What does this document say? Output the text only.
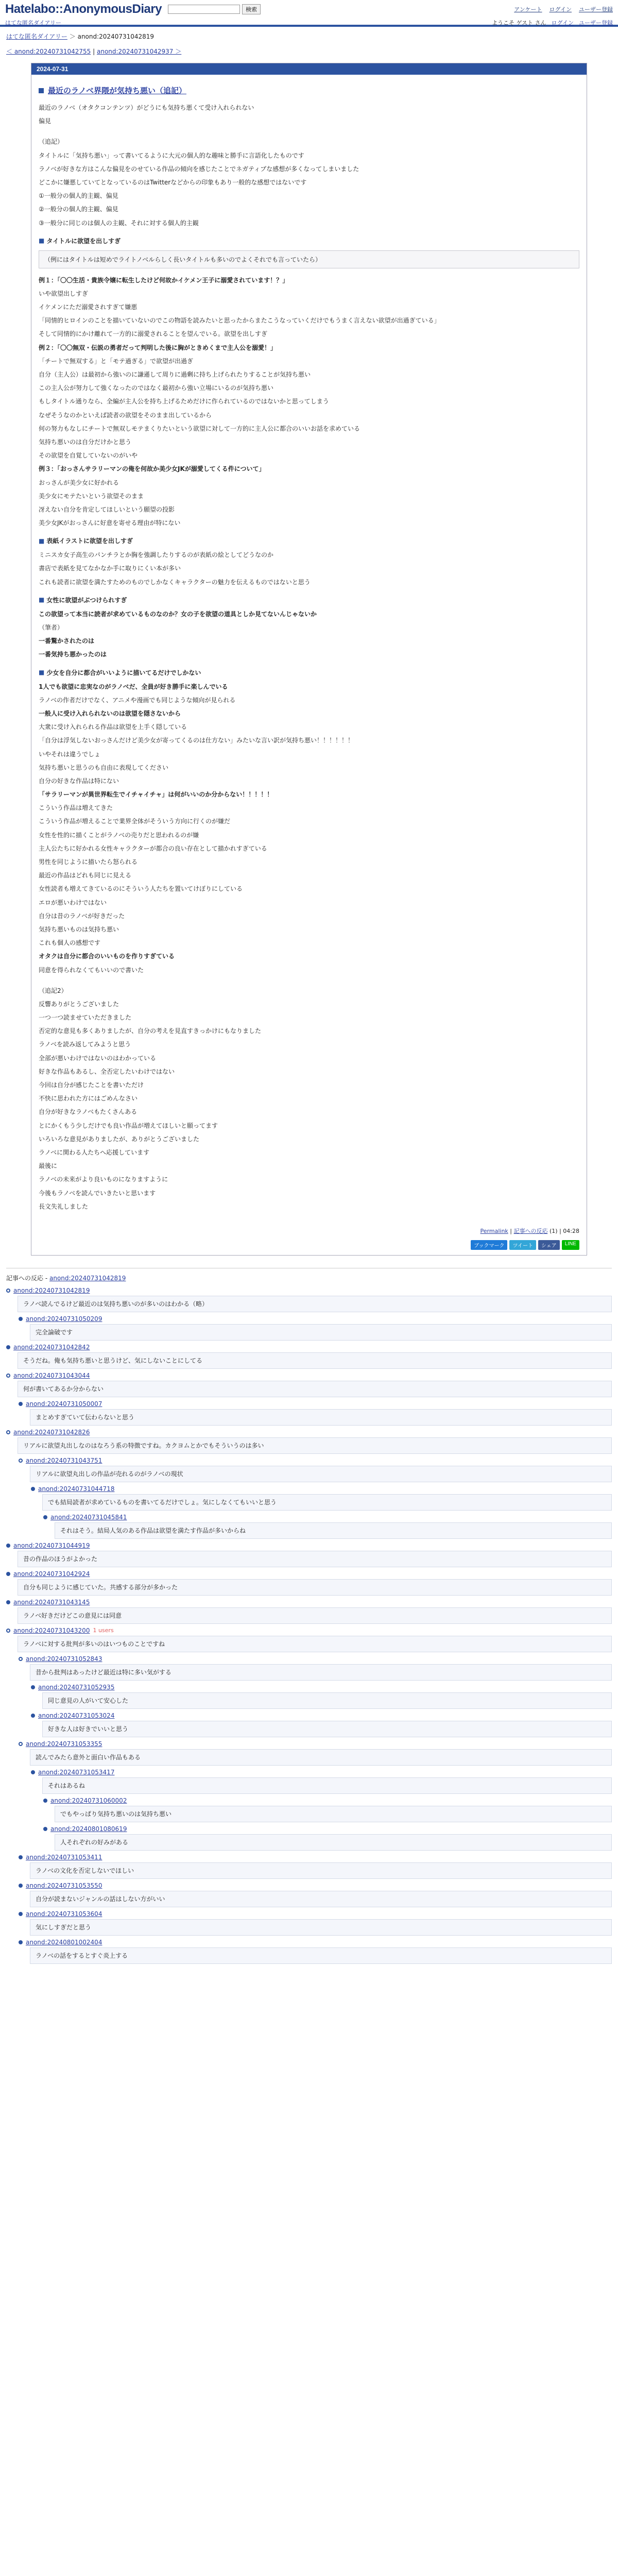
Hatelabo::AnonymousDiary	検索	アンケート ログイン ユーザー登録
はてな匿名ダイアリー	ようこそ ゲスト さん ログイン ユーザー登録
はてな匿名ダイアリー ＞ anond:20240731042819
＜ anond:20240731042755 | anond:20240731042937 ＞
2024-07-31
最近のラノベ界隈が気持ち悪い（追記）

最近のラノベ（オタクコンテンツ）がどうにも気持ち悪くて受け入れられない

偏見

（追記）

タイトルに「気持ち悪い」って書いてるように大元の個人的な趣味と勝手に言語化したものです

ラノベが好きな方はこんな偏見をのせている作品の傾向を感じたことでネガティブな感想が多くなってしまいました

どこかに嫌悪していてとなっているのはTwitterなどからの印象もあり一般的な感想ではないです

①一般分の個人的主観、偏見

②一般分の個人的主観、偏見

③一般分に同じのは個人の主観、それに対する個人的主観

■ タイトルに欲望を出しすぎ
（例にはタイトルは短めでライトノベルらしく長いタイトルも多いのでよくそれでも言っていたら）

例１：「〇〇生活・貴族令嬢に転生したけど何故かイケメン王子に溺愛されています！？」

いや欲望出しすぎ

イケメンにただ溺愛されすぎて嫌悪

「同情的ヒロインのことを描いていないのでこの物語を読みたいと思ったからまたこうなっていくだけでもうまく言えない欲望が出過ぎている」

そして同情的にかけ離れて一方的に溺愛されることを望んでいる。欲望を出しすぎ

例２：「〇〇無双・伝説の勇者だって判明した後に胸がときめくまで主人公を溺愛！」

「チートで無双する」と「モテ過ぎる」で欲望が出過ぎ

自分（主人公）は最初から強いのに謙遜して周りに過剰に持ち上げられたりすることが気持ち悪い

この主人公が努力して強くなったのではなく最初から強い立場にいるのが気持ち悪い

もしタイトル通りなら、全編が主人公を持ち上げるためだけに作られているのではないかと思ってしまう

なぜそうなのかといえば読者の欲望をそのまま出しているから

何の努力もなしにチートで無双しモテまくりたいという欲望に対して一方的に主人公に都合のいいお話を求めている

気持ち悪いのは自分だけかと思う

その欲望を自覚していないのがいや

例３：「おっさんサラリーマンの俺を何故か美少女JKが溺愛してくる件について」

おっさんが美少女に好かれる

美少女にモテたいという欲望そのまま

冴えない自分を肯定してほしいという願望の投影

美少女JKがおっさんに好意を寄せる理由が特にない

■ 表紙イラストに欲望を出しすぎ

ミニスカ女子高生のパンチラとか胸を強調したりするのが表紙の絵としてどうなのか

書店で表紙を見てなかなか手に取りにくい本が多い

これも読者に欲望を満たすためのものでしかなくキャラクターの魅力を伝えるものではないと思う

■ 女性に欲望がぶつけられすぎ

この欲望って本当に読者が求めているものなのか？女の子を欲望の道具としか見てないんじゃないか

（筆者）

一番驚かされたのは

一番気持ち悪かったのは

■ 少女を自分に都合がいいように描いてるだけでしかない

1人でも欲望に忠実なのがラノベだ、全員が好き勝手に楽しんでいる

ラノベの作者だけでなく、アニメや漫画でも同じような傾向が見られる

一般人に受け入れられないのは欲望を隠さないから

大衆に受け入れられる作品は欲望を上手く隠している

「自分は浮気しないおっさんだけど美少女が寄ってくるのは仕方ない」みたいな言い訳が気持ち悪い！！！！！！

いやそれは違うでしょ

気持ち悪いと思うのも自由に表現してください

自分の好きな作品は特にない

「サラリーマンが異世界転生でイチャイチャ」は何がいいのか分からない！！！！！

こういう作品は増えてきた

こういう作品が増えることで業界全体がそういう方向に行くのが嫌だ

女性を性的に描くことがラノベの売りだと思われるのが嫌

主人公たちに好かれる女性キャラクターが都合の良い存在として描かれすぎている

男性を同じように描いたら怒られる

最近の作品はどれも同じに見える

女性読者も増えてきているのにそういう人たちを置いてけぼりにしている

エロが悪いわけではない

自分は昔のラノベが好きだった

気持ち悪いものは気持ち悪い

これも個人の感想です

オタクは自分に都合のいいものを作りすぎている

同意を得られなくてもいいので書いた

（追記2）

反響ありがとうございました

一つ一つ読ませていただきました

否定的な意見も多くありましたが、自分の考えを見直すきっかけにもなりました

ラノベを読み返してみようと思う

全部が悪いわけではないのはわかっている

好きな作品もあるし、全否定したいわけではない

今回は自分が感じたことを書いただけ

不快に思われた方にはごめんなさい

自分が好きなラノベもたくさんある

とにかくもう少しだけでも良い作品が増えてほしいと願ってます

いろいろな意見がありましたが、ありがとうございました

ラノベに関わる人たちへ応援しています

最後に

ラノベの未来がより良いものになりますように

今後もラノベを読んでいきたいと思います

長文失礼しました

Permalink | 記事への反応 (1) | 04:28
ブックマーク	ツイート	シェア	LINE
記事への反応 - anond:20240731042819
anond:20240731042819
ラノベ読んでるけど最近のは気持ち悪いのが多いのはわかる（略）
anond:20240731050209
完全論破です
anond:20240731042842
そうだね。俺も気持ち悪いと思うけど、気にしないことにしてる
anond:20240731043044
何が書いてあるか分からない
anond:20240731050007
まとめすぎていて伝わらないと思う
anond:20240731042826
リアルに欲望丸出しなのはなろう系の特徴ですね。カクヨムとかでもそういうのは多い
anond:20240731043751
リアルに欲望丸出しの作品が売れるのがラノベの現状
anond:20240731044718
でも結局読者が求めているものを書いてるだけでしょ。気にしなくてもいいと思う
anond:20240731045841
それはそう。結局人気のある作品は欲望を満たす作品が多いからね
anond:20240731044919
昔の作品のほうがよかった
anond:20240731042924
自分も同じように感じていた。共感する部分が多かった
anond:20240731043145
ラノベ好きだけどこの意見には同意
anond:20240731043200 1 users
ラノベに対する批判が多いのはいつものことですね
anond:20240731052843
昔から批判はあったけど最近は特に多い気がする
anond:20240731052935
同じ意見の人がいて安心した
anond:20240731053024
好きな人は好きでいいと思う
anond:20240731053355
読んでみたら意外と面白い作品もある
anond:20240731053417
それはあるね
anond:20240731060002
でもやっぱり気持ち悪いのは気持ち悪い
anond:20240801080619
人それぞれの好みがある
anond:20240731053411
ラノベの文化を否定しないでほしい
anond:20240731053550
自分が読まないジャンルの話はしない方がいい
anond:20240731053604
気にしすぎだと思う
anond:20240801002404
ラノベの話をするとすぐ炎上する
